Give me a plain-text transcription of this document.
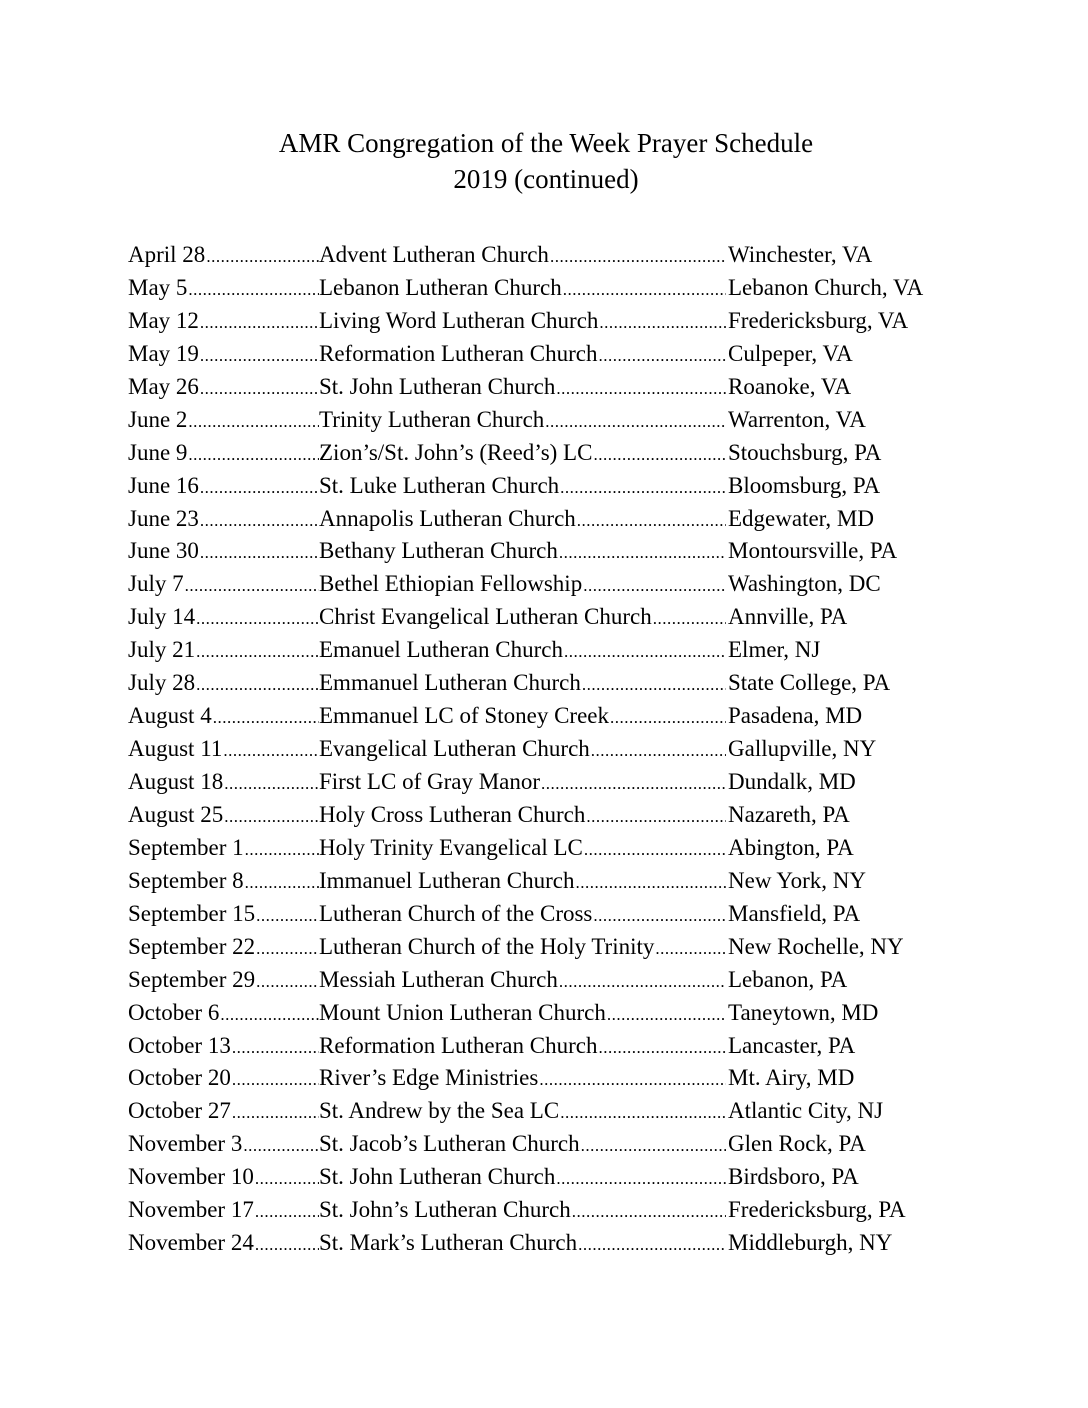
AMR Congregation of the Week Prayer Schedule
2019 (continued)
April 28 .....	Advent Lutheran Church .....	Winchester, VA
May 5 .....	Lebanon Lutheran Church .....	Lebanon Church, VA
May 12 .....	Living Word Lutheran Church .....	Fredericksburg, VA
May 19 .....	Reformation Lutheran Church .....	Culpeper, VA
May 26 .....	St. John Lutheran Church .....	Roanoke, VA
June 2 .....	Trinity Lutheran Church .....	Warrenton, VA
June 9 .....	Zion’s/St. John’s (Reed’s) LC .....	Stouchsburg, PA
June 16 .....	St. Luke Lutheran Church .....	Bloomsburg, PA
June 23 .....	Annapolis Lutheran Church .....	Edgewater, MD
June 30 .....	Bethany Lutheran Church .....	Montoursville, PA
July 7 .....	Bethel Ethiopian Fellowship .....	Washington, DC
July 14 .....	Christ Evangelical Lutheran Church .....	Annville, PA
July 21 .....	Emanuel Lutheran Church .....	Elmer, NJ
July 28 .....	Emmanuel Lutheran Church .....	State College, PA
August 4 .....	Emmanuel LC of Stoney Creek .....	Pasadena, MD
August 11 .....	Evangelical Lutheran Church .....	Gallupville, NY
August 18 .....	First LC of Gray Manor .....	Dundalk, MD
August 25 .....	Holy Cross Lutheran Church .....	Nazareth, PA
September 1 .....	Holy Trinity Evangelical LC .....	Abington, PA
September 8 .....	Immanuel Lutheran Church .....	New York, NY
September 15 .....	Lutheran Church of the Cross .....	Mansfield, PA
September 22 .....	Lutheran Church of the Holy Trinity .....	New Rochelle, NY
September 29 .....	Messiah Lutheran Church .....	Lebanon, PA
October 6 .....	Mount Union Lutheran Church .....	Taneytown, MD
October 13 .....	Reformation Lutheran Church .....	Lancaster, PA
October 20 .....	River’s Edge Ministries .....	Mt. Airy, MD
October 27 .....	St. Andrew by the Sea LC .....	Atlantic City, NJ
November 3 .....	St. Jacob’s Lutheran Church .....	Glen Rock, PA
November 10 .....	St. John Lutheran Church .....	Birdsboro, PA
November 17 .....	St. John’s Lutheran Church .....	Fredericksburg, PA
November 24 .....	St. Mark’s Lutheran Church .....	Middleburgh, NY
